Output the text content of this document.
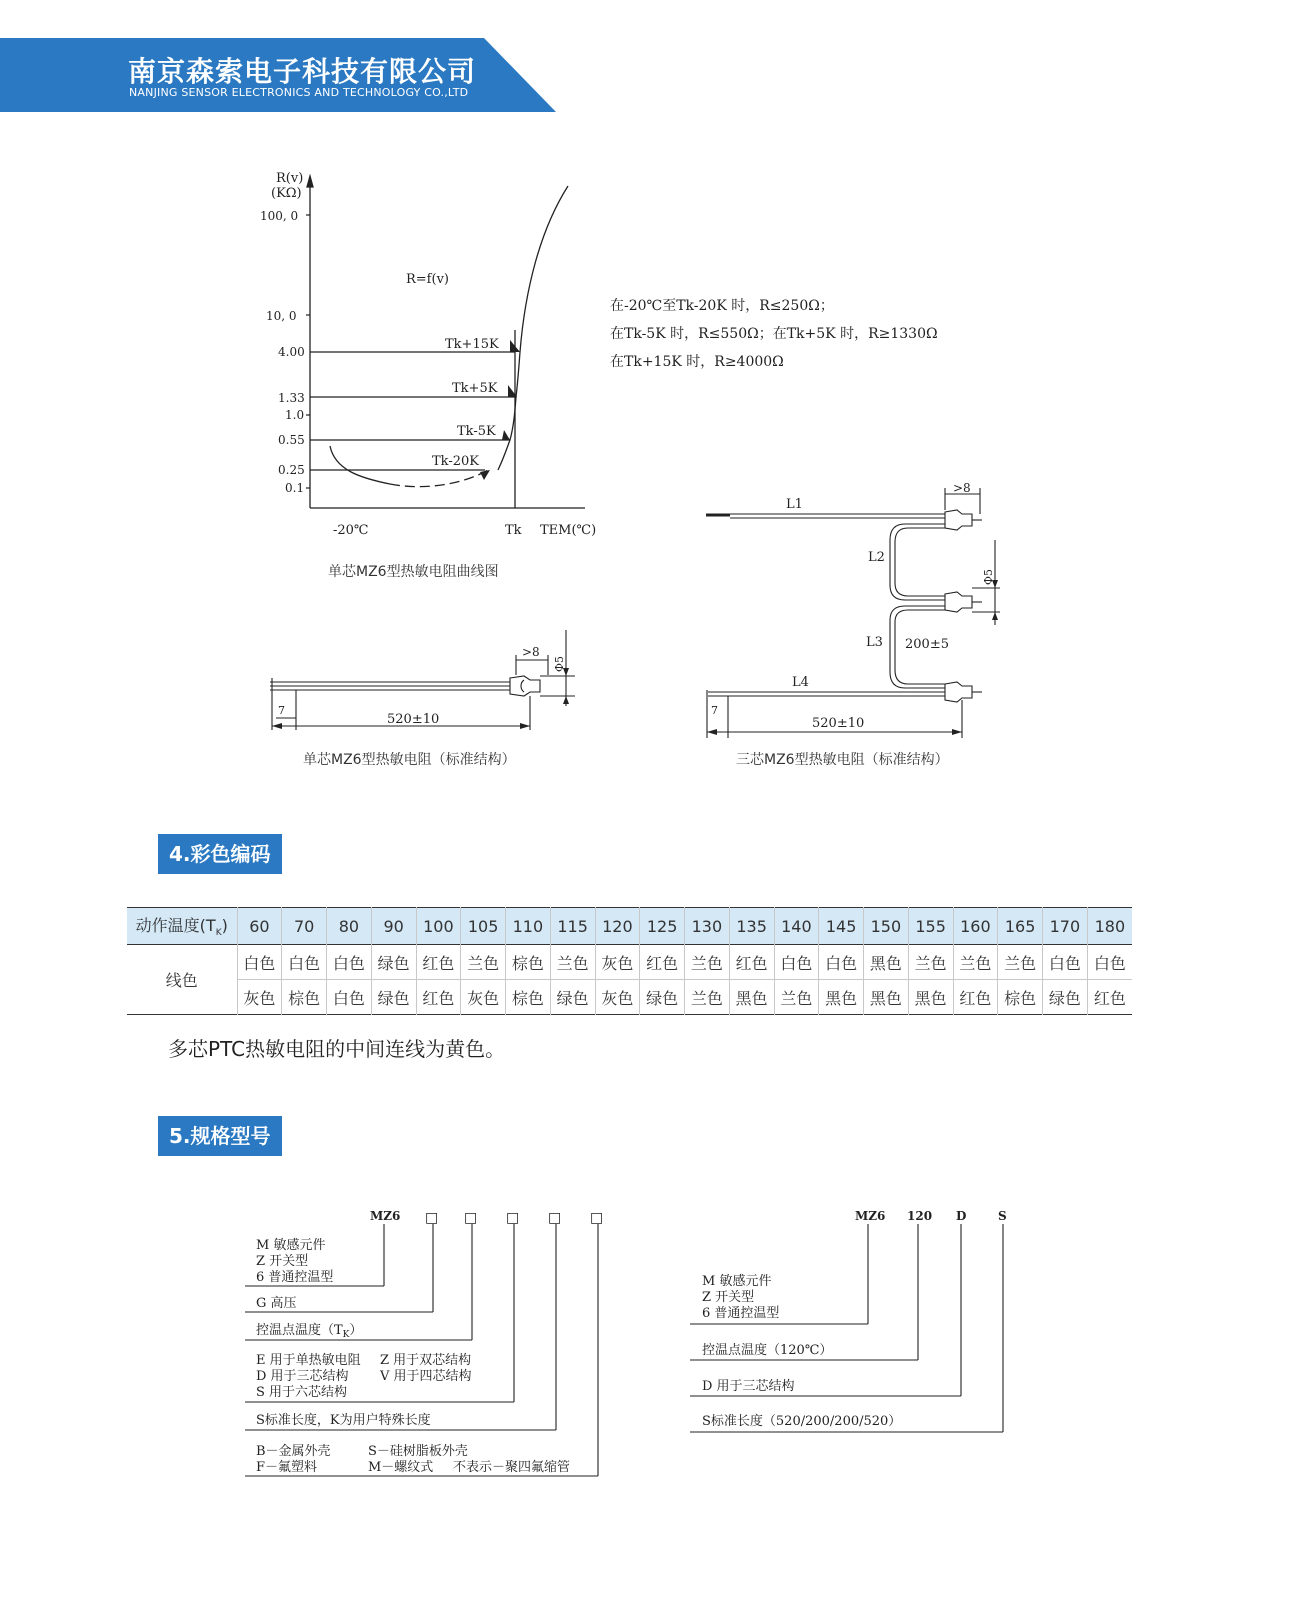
南京森索电子科技有限公司
NANJING SENSOR ELECTRONICS AND TECHNOLOGY CO.,LTD
R(v)
(KΩ)
100, 0
10, 0
4.00
1.33
1.0
0.55
0.25
0.1
R=f(v)
Tk+15K
Tk+5K
Tk-5K
Tk-20K
-20℃	Tk TEM(℃)
单芯MZ6型热敏电阻曲线图
在-20℃至Tk-20K 时，R≤250Ω；
在Tk-5K 时，R≤550Ω；在Tk+5K 时，R≥1330Ω
在Tk+15K 时，R≥4000Ω
>8
Φ5
7
520±10
单芯MZ6型热敏电阻（标准结构）
L1
L2
L3
L4
>8
Φ5
200±5
7
520±10
三芯MZ6型热敏电阻（标准结构）
4.彩色编码
动作温度$(T_K)$	60	70	80	90	100	105	110	115	120	125	130	135	140	145	150	155	160	165	170	180
线色	白色	白色	白色	绿色	红色	兰色	棕色	兰色	灰色	红色	兰色	红色	白色	白色	黑色	兰色	兰色	兰色	白色	白色
	灰色	棕色	白色	绿色	红色	灰色	棕色	绿色	灰色	绿色	兰色	黑色	兰色	黑色	黑色	黑色	红色	棕色	绿色	红色
多芯PTC热敏电阻的中间连线为黄色。
5.规格型号
MZ6 □ □ □ □ □
M 敏感元件
Z 开关型
6 普通控温型
G 高压
控温点温度$(T_K)$
E 用于单热敏电阻 Z 用于双芯结构
D 用于三芯结构 V 用于四芯结构
S 用于六芯结构
S标准长度，K为用户特殊长度
B－金属外壳	S－硅树脂板外壳
F－氟塑料	M－螺纹式 不表示－聚四氟缩管
MZ6 120 D	S
M 敏感元件
Z 开关型
6 普通控温型
控温点温度（120℃）
D 用于三芯结构
S标准长度（520/200/200/520）
